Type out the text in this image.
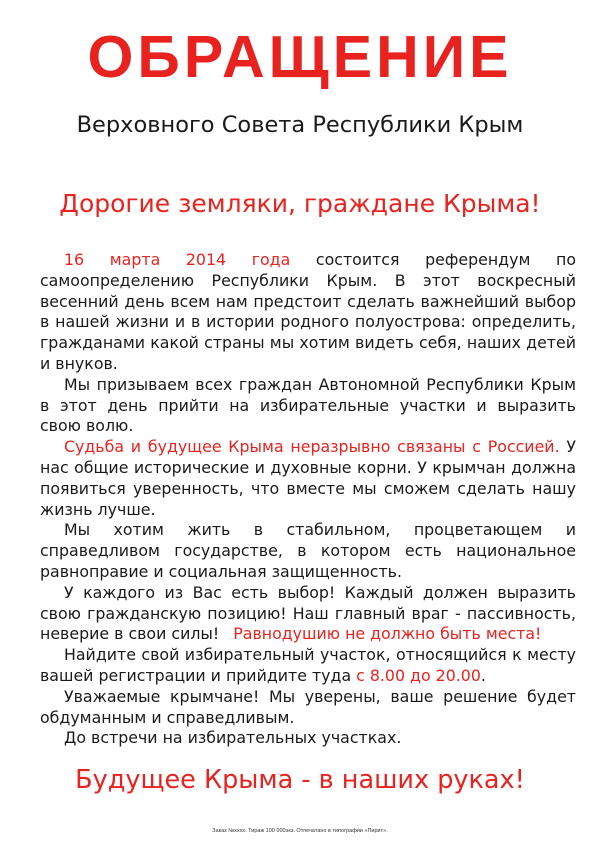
ОБРАЩЕНИЕ
Верховного Совета Республики Крым
Дорогие земляки, граждане Крыма!

16 марта 2014 года состоится референдум по самоопределению Республики Крым. В этот воскресный весенний день всем нам предстоит сделать важнейший выбор в нашей жизни и в истории родного полуострова: определить, гражданами какой страны мы хотим видеть себя, наших детей и внуков.

Мы призываем всех граждан Автономной Республики Крым в этот день прийти на избирательные участки и выразить свою волю.

Судьба и будущее Крыма неразрывно связаны с Россией. У нас общие исторические и духовные корни. У крымчан должна появиться уверенность, что вместе мы сможем сделать нашу жизнь лучше.

Мы хотим жить в стабильном, процветающем и справедливом государстве, в котором есть национальное равноправие и социальная защищенность.

У каждого из Вас есть выбор! Каждый должен выразить свою гражданскую позицию! Наш главный враг - пассивность, неверие в свои силы! Равнодушию не должно быть места!

Найдите свой избирательный участок, относящийся к месту вашей регистрации и прийдите туда с 8.00 до 20.00.

Уважаемые крымчане! Мы уверены, ваше решение будет обдуманным и справедливым.

До встречи на избирательных участках.

Будущее Крыма - в наших руках!
Заказ №хххх. Тираж 100 000экз. Отпечатано в типографии «Пирит».
